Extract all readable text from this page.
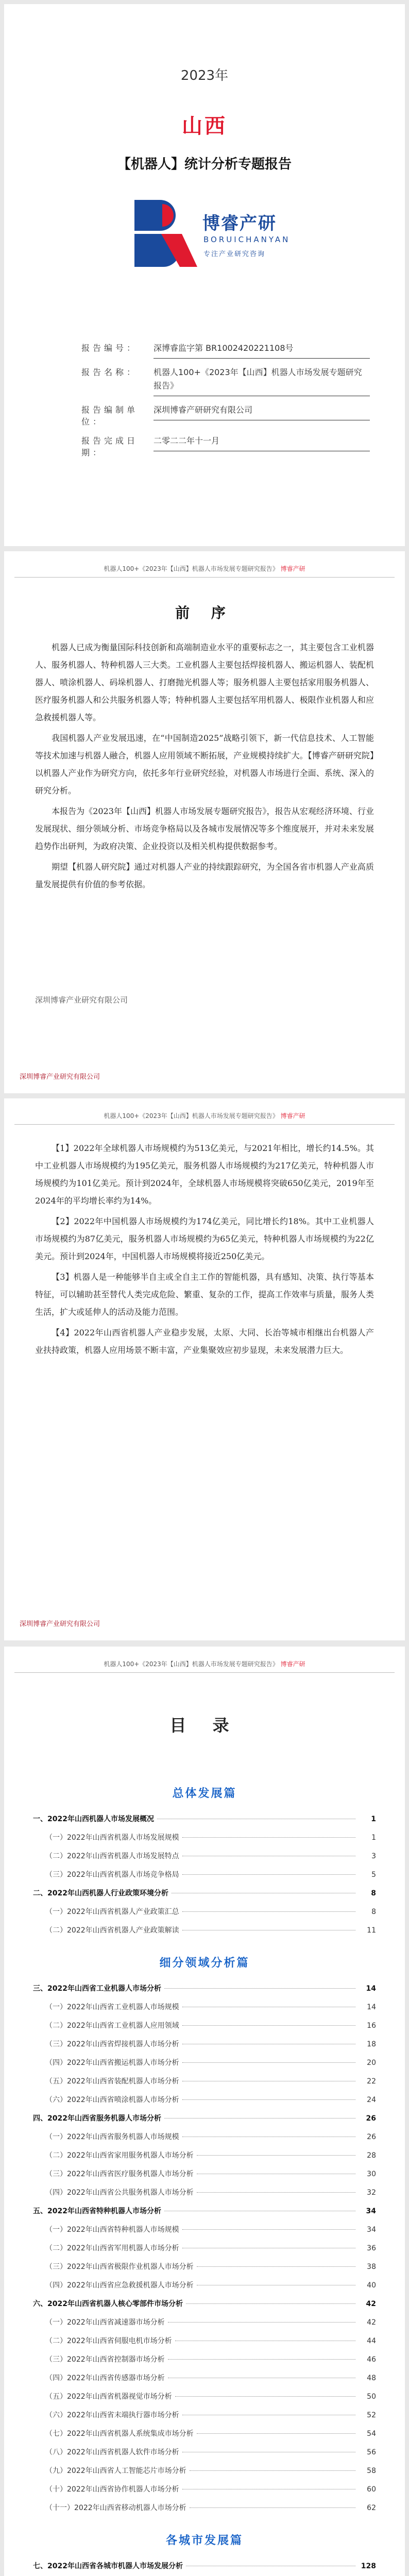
2023年
山西
【机器人】统计分析专题报告
博睿产研
BORUICHANYAN
专注产业研究咨询
报告编号：	深博睿监字第 BR1002420221108号
报告名称：	机器人100+《2023年【山西】机器人市场发展专题研究报告》
报告编制单位：
深圳博睿产研研究有限公司
报告完成日期：
二零二二年十一月
机器人100+《2023年【山西】机器人市场发展专题研究报告》 博睿产研
前 序

机器人已成为衡量国际科技创新和高端制造业水平的重要标志之一，其主要包含工业机器人、服务机器人、特种机器人三大类。工业机器人主要包括焊接机器人、搬运机器人、装配机器人、喷涂机器人、码垛机器人、打磨抛光机器人等；服务机器人主要包括家用服务机器人、医疗服务机器人和公共服务机器人等；特种机器人主要包括军用机器人、极限作业机器人和应急救援机器人等。

我国机器人产业发展迅速，在“中国制造2025”战略引领下，新一代信息技术、人工智能等技术加速与机器人融合，机器人应用领域不断拓展，产业规模持续扩大。【博睿产研研究院】以机器人产业作为研究方向，依托多年行业研究经验，对机器人市场进行全面、系统、深入的研究分析。

本报告为《2023年【山西】机器人市场发展专题研究报告》，报告从宏观经济环境、行业发展现状、细分领域分析、市场竞争格局以及各城市发展情况等多个维度展开，并对未来发展趋势作出研判，为政府决策、企业投资以及相关机构提供数据参考。

期望【机器人研究院】通过对机器人产业的持续跟踪研究，为全国各省市机器人产业高质量发展提供有价值的参考依据。

深圳博睿产业研究有限公司
深圳博睿产业研究有限公司
机器人100+《2023年【山西】机器人市场发展专题研究报告》 博睿产研

【1】2022年全球机器人市场规模约为513亿美元，与2021年相比，增长约14.5%。其中工业机器人市场规模约为195亿美元，服务机器人市场规模约为217亿美元，特种机器人市场规模约为101亿美元。预计到2024年，全球机器人市场规模将突破650亿美元，2019年至2024年的平均增长率约为14%。

【2】2022年中国机器人市场规模约为174亿美元，同比增长约18%。其中工业机器人市场规模约为87亿美元，服务机器人市场规模约为65亿美元，特种机器人市场规模约为22亿美元。预计到2024年，中国机器人市场规模将接近250亿美元。

【3】机器人是一种能够半自主或全自主工作的智能机器，具有感知、决策、执行等基本特征，可以辅助甚至替代人类完成危险、繁重、复杂的工作，提高工作效率与质量，服务人类生活，扩大或延伸人的活动及能力范围。

【4】2022年山西省机器人产业稳步发展，太原、大同、长治等城市相继出台机器人产业扶持政策，机器人应用场景不断丰富，产业集聚效应初步显现，未来发展潜力巨大。

深圳博睿产业研究有限公司
机器人100+《2023年【山西】机器人市场发展专题研究报告》 博睿产研
目 录
总体发展篇
一、2022年山西机器人市场发展概况	1
（一）2022年山西省机器人市场发展规模	1
（二）2022年山西省机器人市场发展特点	3
（三）2022年山西省机器人市场竞争格局	5
二、2022年山西机器人行业政策环境分析	8
（一）2022年山西省机器人产业政策汇总	8
（二）2022年山西省机器人产业政策解读	11
细分领域分析篇
三、2022年山西省工业机器人市场分析	14
（一）2022年山西省工业机器人市场规模	14
（二）2022年山西省工业机器人应用领域	16
（三）2022年山西省焊接机器人市场分析	18
（四）2022年山西省搬运机器人市场分析	20
（五）2022年山西省装配机器人市场分析	22
（六）2022年山西省喷涂机器人市场分析	24
四、2022年山西省服务机器人市场分析	26
（一）2022年山西省服务机器人市场规模	26
（二）2022年山西省家用服务机器人市场分析	28
（三）2022年山西省医疗服务机器人市场分析	30
（四）2022年山西省公共服务机器人市场分析	32
五、2022年山西省特种机器人市场分析	34
（一）2022年山西省特种机器人市场规模	34
（二）2022年山西省军用机器人市场分析	36
（三）2022年山西省极限作业机器人市场分析	38
（四）2022年山西省应急救援机器人市场分析	40
六、2022年山西省机器人核心零部件市场分析	42
（一）2022年山西省减速器市场分析	42
（二）2022年山西省伺服电机市场分析	44
（三）2022年山西省控制器市场分析	46
（四）2022年山西省传感器市场分析	48
（五）2022年山西省机器视觉市场分析	50
（六）2022年山西省末端执行器市场分析	52
（七）2022年山西省机器人系统集成市场分析	54
（八）2022年山西省机器人软件市场分析	56
（九）2022年山西省人工智能芯片市场分析	58
（十）2022年山西省协作机器人市场分析	60
（十一）2022年山西省移动机器人市场分析	62
各城市发展篇
七、2022年山西省各城市机器人市场发展分析	128
